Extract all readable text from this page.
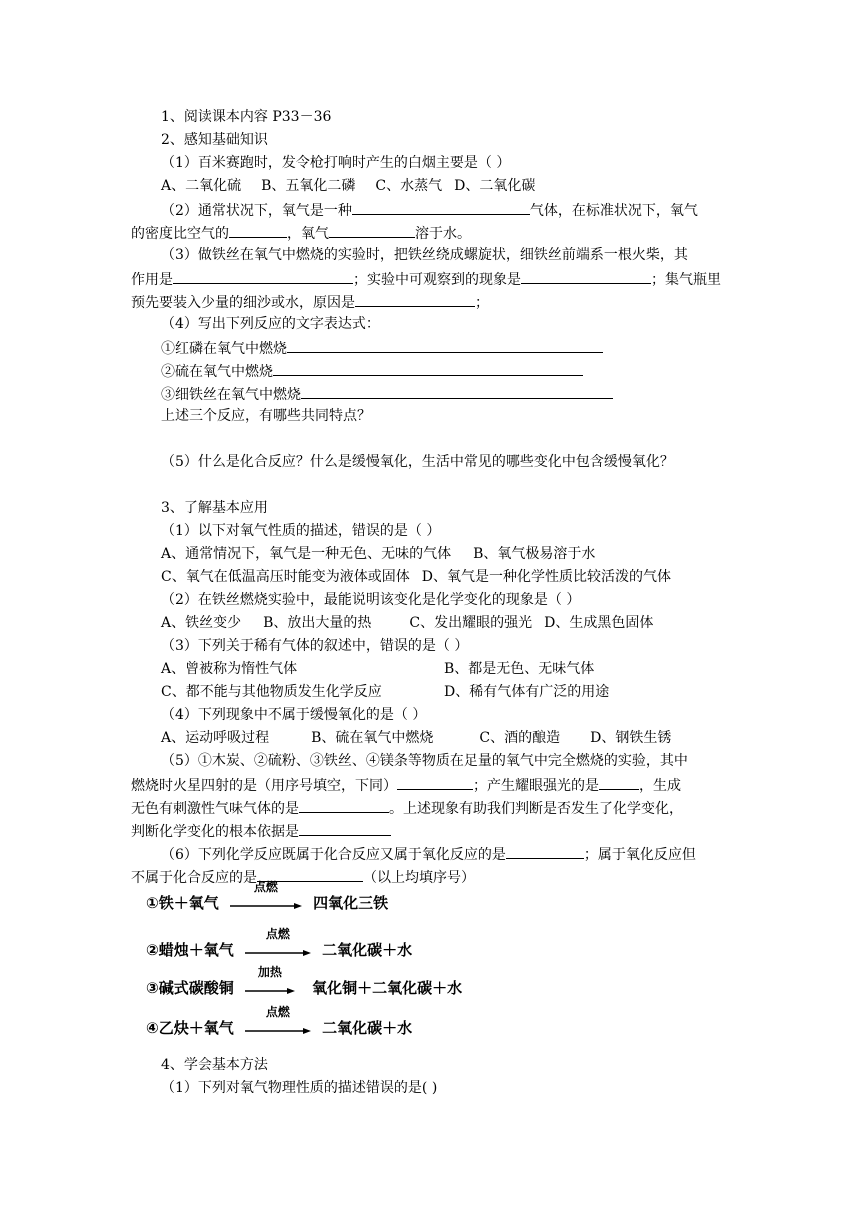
1、阅读课本内容 P33－36
2、感知基础知识
（1）百米赛跑时，发令枪打响时产生的白烟主要是（ ）
A、二氧化硫 B、五氧化二磷 C、水蒸气 D、二氧化碳
（2）通常状况下，氧气是一种	气体，在标准状况下，氧气
的密度比空气的	，氧气	溶于水。
（3）做铁丝在氧气中燃烧的实验时，把铁丝绕成螺旋状，细铁丝前端系一根火柴，其
作用是	；实验中可观察到的现象是	；集气瓶里
预先要装入少量的细沙或水，原因是	；
（4）写出下列反应的文字表达式：
①红磷在氧气中燃烧
②硫在氧气中燃烧
③细铁丝在氧气中燃烧
上述三个反应，有哪些共同特点？
（5）什么是化合反应？什么是缓慢氧化，生活中常见的哪些变化中包含缓慢氧化？
3、了解基本应用
（1）以下对氧气性质的描述，错误的是（ ）
A、通常情况下，氧气是一种无色、无味的气体 B、氧气极易溶于水
C、氧气在低温高压时能变为液体或固体 D、氧气是一种化学性质比较活泼的气体
（2）在铁丝燃烧实验中，最能说明该变化是化学变化的现象是（ ）
A、铁丝变少 B、放出大量的热	C、发出耀眼的强光 D、生成黑色固体
（3）下列关于稀有气体的叙述中，错误的是（ ）
A、曾被称为惰性气体	B、都是无色、无味气体
C、都不能与其他物质发生化学反应	D、稀有气体有广泛的用途
（4）下列现象中不属于缓慢氧化的是（ ）
A、运动呼吸过程	B、硫在氧气中燃烧	C、酒的酿造 D、钢铁生锈
（5）①木炭、②硫粉、③铁丝、④镁条等物质在足量的氧气中完全燃烧的实验，其中
燃烧时火星四射的是（用序号填空，下同）	；产生耀眼强光的是	，生成
无色有刺激性气味气体的是	。上述现象有助我们判断是否发生了化学变化，
判断化学变化的根本依据是
（6）下列化学反应既属于化合反应又属于氧化反应的是	；属于氧化反应但
不属于化合反应的是	（以上均填序号）
①铁＋氧气
点燃
四氧化三铁
②蜡烛＋氧气
点燃
二氧化碳＋水
③碱式碳酸铜
加热
氧化铜＋二氧化碳＋水
④乙炔＋氧气
点燃
二氧化碳＋水
4、学会基本方法
（1）下列对氧气物理性质的描述错误的是( )
